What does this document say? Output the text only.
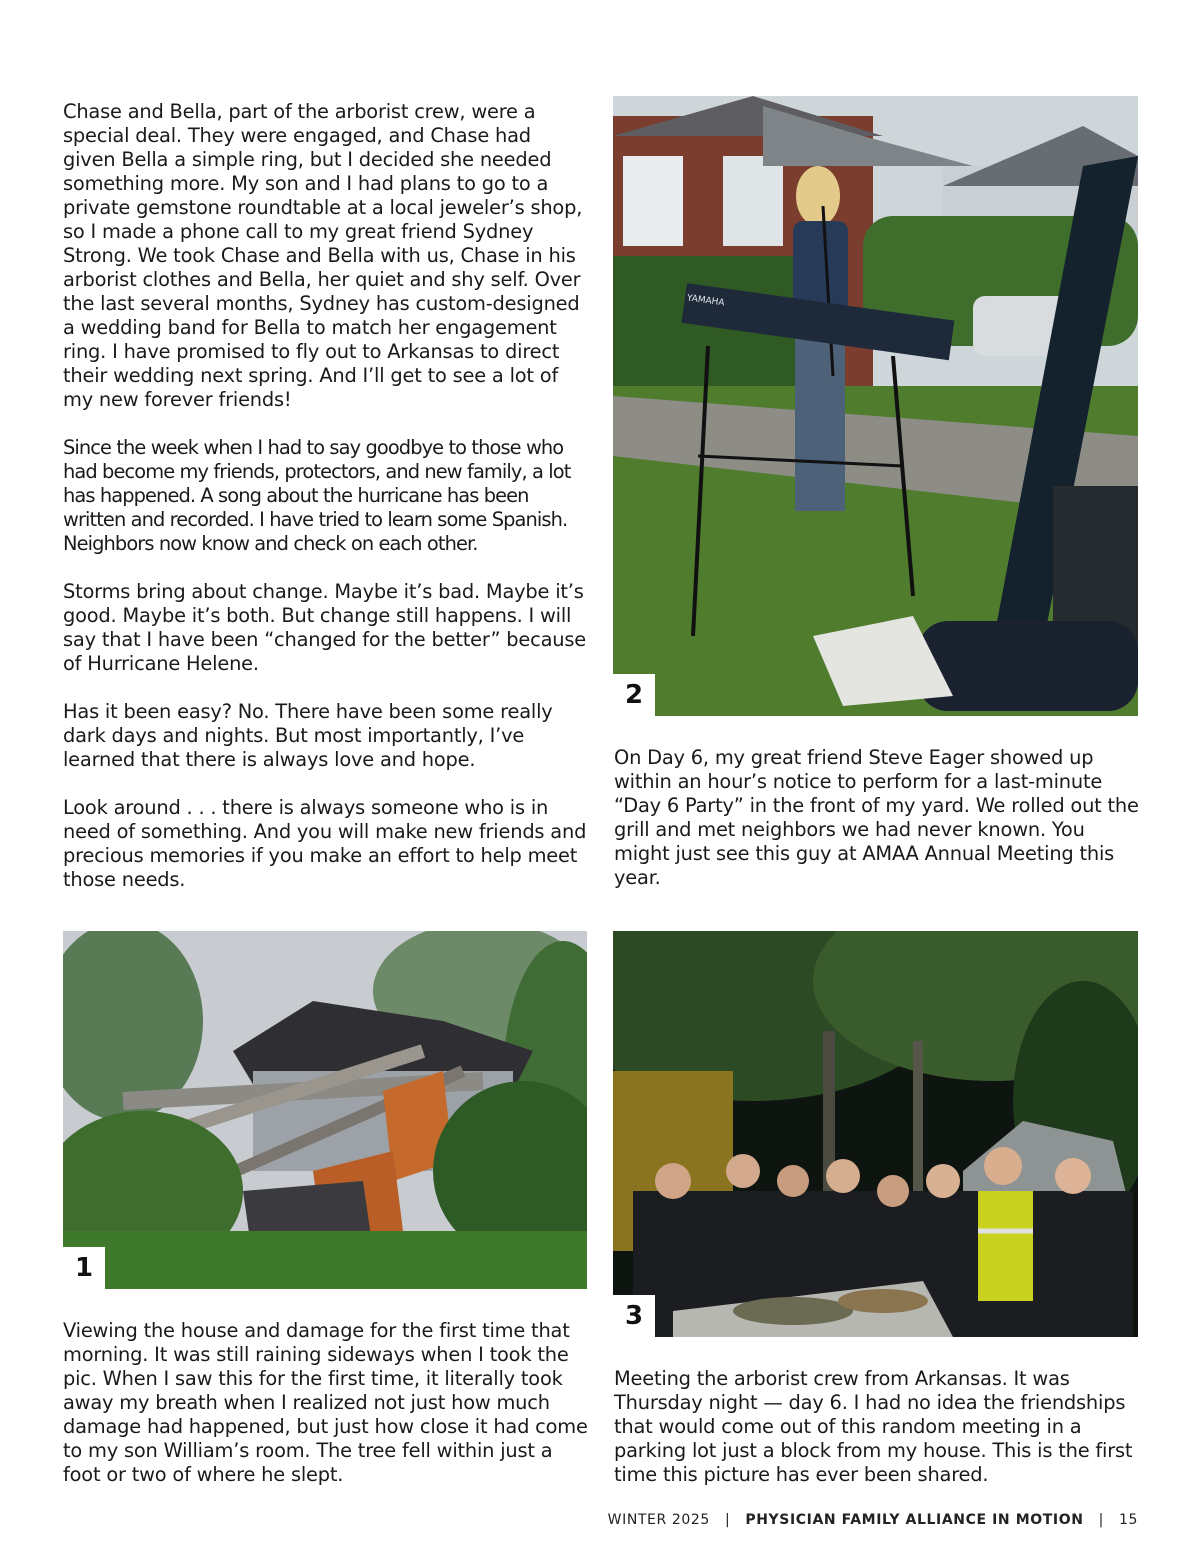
Chase and Bella, part of the arborist crew, were a special deal. They were engaged, and Chase had given Bella a simple ring, but I decided she needed something more. My son and I had plans to go to a private gemstone roundtable at a local jeweler’s shop, so I made a phone call to my great friend Sydney Strong. We took Chase and Bella with us, Chase in his arborist clothes and Bella, her quiet and shy self. Over the last several months, Sydney has custom-designed a wedding band for Bella to match her engagement ring. I have promised to fly out to Arkansas to direct their wedding next spring. And I’ll get to see a lot of my new forever friends!

Since the week when I had to say goodbye to those who had become my friends, protectors, and new family, a lot has happened. A song about the hurricane has been written and recorded. I have tried to learn some Spanish. Neighbors now know and check on each other.

Storms bring about change. Maybe it’s bad. Maybe it’s good. Maybe it’s both. But change still happens. I will say that I have been “changed for the better” because of Hurricane Helene.

Has it been easy? No. There have been some really dark days and nights. But most importantly, I’ve learned that there is always love and hope.

Look around . . . there is always someone who is in need of something. And you will make new friends and precious memories if you make an effort to help meet those needs.

YAMAHA
2

On Day 6, my great friend Steve Eager showed up within an hour’s notice to perform for a last-minute “Day 6 Party” in the front of my yard. We rolled out the grill and met neighbors we had never known. You might just see this guy at AMAA Annual Meeting this year.

1

Viewing the house and damage for the first time that morning. It was still raining sideways when I took the pic. When I saw this for the first time, it literally took away my breath when I realized not just how much damage had happened, but just how close it had come to my son William’s room. The tree fell within just a foot or two of where he slept.

3

Meeting the arborist crew from Arkansas. It was Thursday night — day 6. I had no idea the friendships that would come out of this random meeting in a parking lot just a block from my house. This is the first time this picture has ever been shared.

WINTER 2025 | PHYSICIAN FAMILY ALLIANCE IN MOTION | 15
